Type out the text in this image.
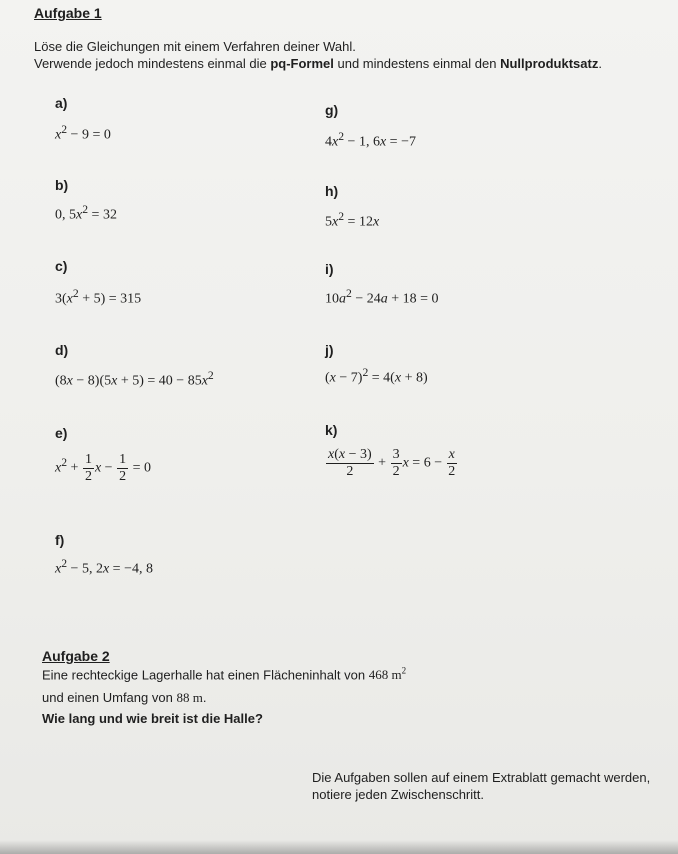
Aufgabe 1
Löse die Gleichungen mit einem Verfahren deiner Wahl.
Verwende jedoch mindestens einmal die pq-Formel und mindestens einmal den Nullproduktsatz.
a)
$x^2 - 9 = 0$
b)
0, $5x^2 = 32$
c)
$3(x^2 + 5) = 315$
d)
$(8x - 8)(5x + 5) = 40 - 85x^2$
e)
$x^2 + \frac{1}{2}$ $x - \frac{1}{2} = 0$
f)
$x^2 - 5$, 2x = −4, 8
g)
$4x^2 - 1$, 6x = −7
h)
$5x^2 = 12x$
i)
$10a^2 - 24a + 18 = 0$
j)
$(x - 7)^2 = 4(x + 8)$
k)
$\frac{x(x - 3)}{2} + \frac{3}{2}$ $x = 6 - \frac{x}{2}$
Aufgabe 2
Eine rechteckige Lagerhalle hat einen Flächeninhalt von 468 $m^2$
und einen Umfang von 88 m.
Wie lang und wie breit ist die Halle?
Die Aufgaben sollen auf einem Extrablatt gemacht werden,
notiere jeden Zwischenschritt.
